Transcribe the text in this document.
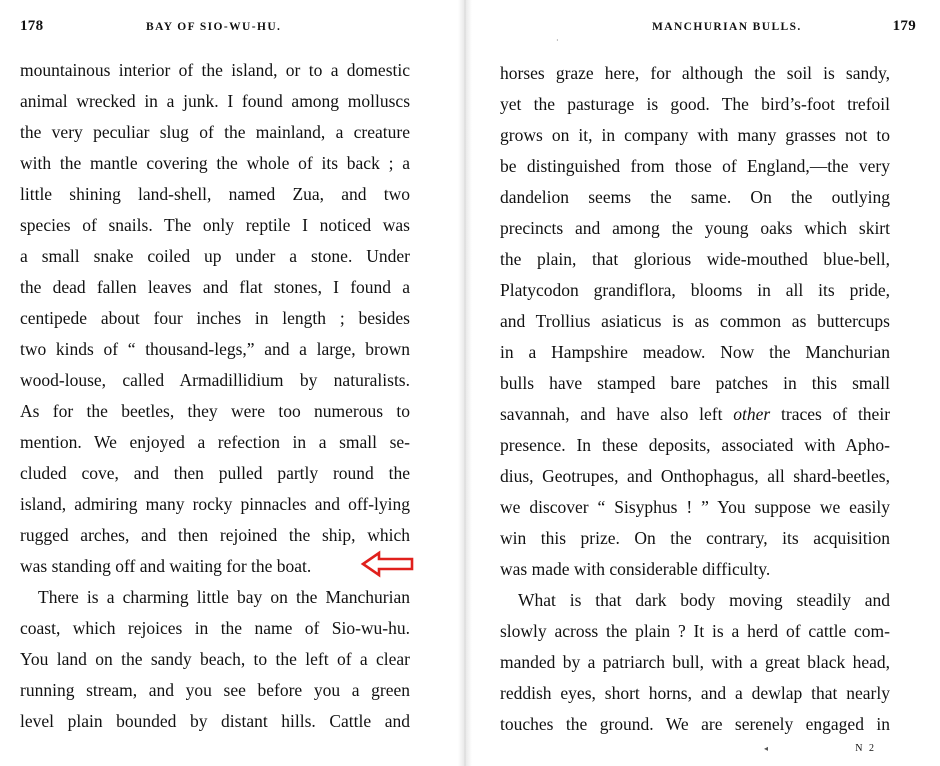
178	BAY OF SIO-WU-HU.
mountainous interior of the island, or to a domestic
animal wrecked in a junk. I found among molluscs
the very peculiar slug of the mainland, a creature
with the mantle covering the whole of its back ; a
little shining land-shell, named Zua, and two
species of snails. The only reptile I noticed was
a small snake coiled up under a stone. Under
the dead fallen leaves and flat stones, I found a
centipede about four inches in length ; besides
two kinds of “ thousand-legs,” and a large, brown
wood-louse, called Armadillidium by naturalists.
As for the beetles, they were too numerous to
mention. We enjoyed a refection in a small se-
cluded cove, and then pulled partly round the
island, admiring many rocky pinnacles and off-lying
rugged arches, and then rejoined the ship, which
was standing off and waiting for the boat.
There is a charming little bay on the Manchurian
coast, which rejoices in the name of Sio-wu-hu.
You land on the sandy beach, to the left of a clear
running stream, and you see before you a green
level plain bounded by distant hills. Cattle and
MANCHURIAN BULLS.	179
·
horses graze here, for although the soil is sandy,
yet the pasturage is good. The bird’s-foot trefoil
grows on it, in company with many grasses not to
be distinguished from those of England,—the very
dandelion seems the same. On the outlying
precincts and among the young oaks which skirt
the plain, that glorious wide-mouthed blue-bell,
Platycodon grandiflora, blooms in all its pride,
and Trollius asiaticus is as common as buttercups
in a Hampshire meadow. Now the Manchurian
bulls have stamped bare patches in this small
savannah, and have also left other traces of their
presence. In these deposits, associated with Apho-
dius, Geotrupes, and Onthophagus, all shard-beetles,
we discover “ Sisyphus ! ” You suppose we easily
win this prize. On the contrary, its acquisition
was made with considerable difficulty.
What is that dark body moving steadily and
slowly across the plain ? It is a herd of cattle com-
manded by a patriarch bull, with a great black head,
reddish eyes, short horns, and a dewlap that nearly
touches the ground. We are serenely engaged in
◂	N 2
